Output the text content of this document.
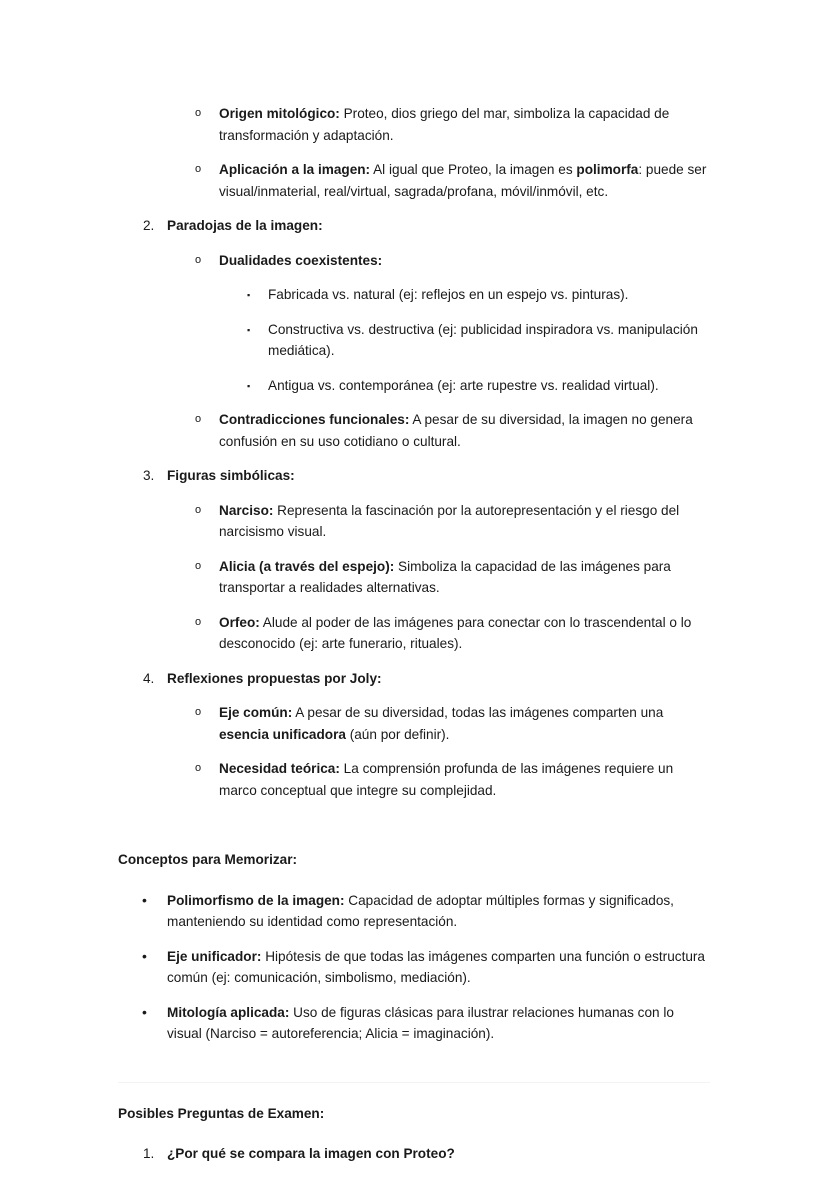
o	Origen mitológico: Proteo, dios griego del mar, simboliza la capacidad de transformación y adaptación.
o	Aplicación a la imagen: Al igual que Proteo, la imagen es polimorfa: puede ser visual/inmaterial, real/virtual, sagrada/profana, móvil/inmóvil, etc.
2. Paradojas de la imagen:
o	Dualidades coexistentes:
▪	Fabricada vs. natural (ej: reflejos en un espejo vs. pinturas).
▪	Constructiva vs. destructiva (ej: publicidad inspiradora vs. manipulación mediática).
▪	Antigua vs. contemporánea (ej: arte rupestre vs. realidad virtual).
o	Contradicciones funcionales: A pesar de su diversidad, la imagen no genera confusión en su uso cotidiano o cultural.
3. Figuras simbólicas:
o	Narciso: Representa la fascinación por la autorepresentación y el riesgo del narcisismo visual.
o	Alicia (a través del espejo): Simboliza la capacidad de las imágenes para transportar a realidades alternativas.
o	Orfeo: Alude al poder de las imágenes para conectar con lo trascendental o lo desconocido (ej: arte funerario, rituales).
4. Reflexiones propuestas por Joly:
o	Eje común: A pesar de su diversidad, todas las imágenes comparten una esencia unificadora (aún por definir).
o	Necesidad teórica: La comprensión profunda de las imágenes requiere un marco conceptual que integre su complejidad.
Conceptos para Memorizar:
•	Polimorfismo de la imagen: Capacidad de adoptar múltiples formas y significados, manteniendo su identidad como representación.
•	Eje unificador: Hipótesis de que todas las imágenes comparten una función o estructura común (ej: comunicación, simbolismo, mediación).
•	Mitología aplicada: Uso de figuras clásicas para ilustrar relaciones humanas con lo visual (Narciso = autoreferencia; Alicia = imaginación).
Posibles Preguntas de Examen:
1. ¿Por qué se compara la imagen con Proteo?
